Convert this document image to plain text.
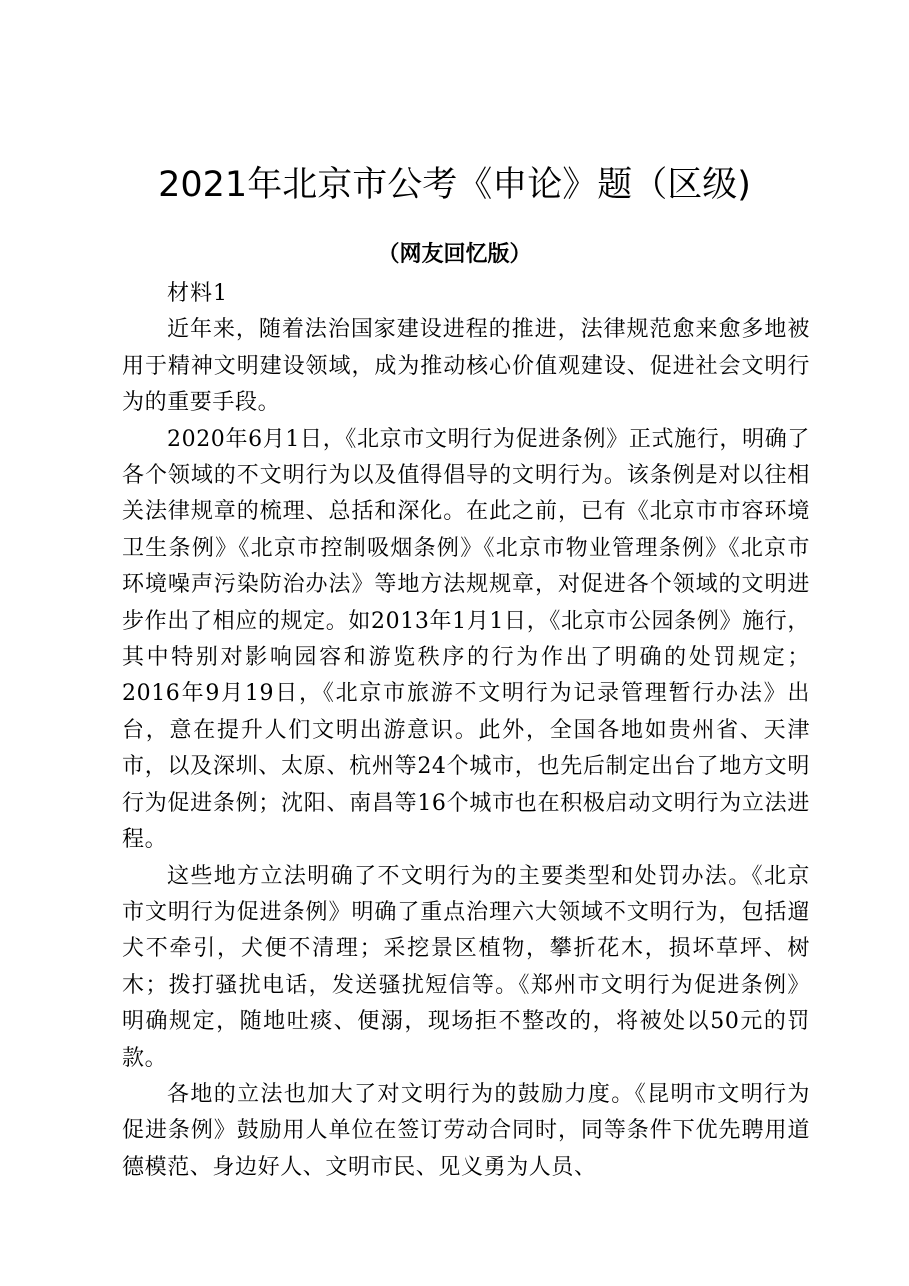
2021年北京市公考《申论》题（区级)
（网友回忆版）

材料1

近年来，随着法治国家建设进程的推进，法律规范愈来愈多地被用于精神文明建设领域，成为推动核心价值观建设、促进社会文明行为的重要手段。

2020年6月1日，《北京市文明行为促进条例》正式施行，明确了各个领域的不文明行为以及值得倡导的文明行为。该条例是对以往相关法律规章的梳理、总括和深化。在此之前，已有《北京市市容环境卫生条例》《北京市控制吸烟条例》《北京市物业管理条例》《北京市环境噪声污染防治办法》等地方法规规章，对促进各个领域的文明进步作出了相应的规定。如2013年1月1日，《北京市公园条例》施行，其中特别对影响园容和游览秩序的行为作出了明确的处罚规定；2016年9月19日，《北京市旅游不文明行为记录管理暂行办法》出台，意在提升人们文明出游意识。此外，全国各地如贵州省、天津市，以及深圳、太原、杭州等24个城市，也先后制定出台了地方文明行为促进条例；沈阳、南昌等16个城市也在积极启动文明行为立法进程。

这些地方立法明确了不文明行为的主要类型和处罚办法。《北京市文明行为促进条例》明确了重点治理六大领域不文明行为，包括遛犬不牵引，犬便不清理；采挖景区植物，攀折花木，损坏草坪、树木；拨打骚扰电话，发送骚扰短信等。《郑州市文明行为促进条例》明确规定，随地吐痰、便溺，现场拒不整改的，将被处以50元的罚款。

各地的立法也加大了对文明行为的鼓励力度。《昆明市文明行为促进条例》鼓励用人单位在签订劳动合同时，同等条件下优先聘用道德模范、身边好人、文明市民、见义勇为人员、
